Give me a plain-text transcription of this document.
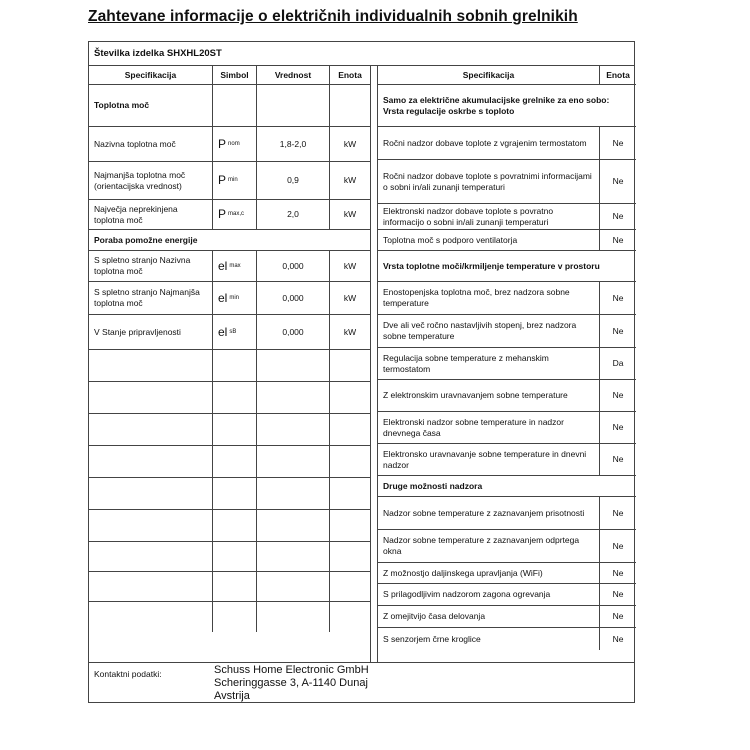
Zahtevane informacije o električnih individualnih sobnih grelnikih
Številka izdelka SHXHL20ST
Specifikacija	Simbol	Vrednost	Enota
Toplotna moč
Nazivna toplotna moč	P nom	1,8-2,0	kW
Najmanjša toplotna moč (orientacijska vrednost)	P min	0,9	kW
Največja neprekinjena toplotna moč	P max,c	2,0	kW
Poraba pomožne energije
S spletno stranjo Nazivna toplotna moč	el max	0,000	kW
S spletno stranjo Najmanjša toplotna moč	el min	0,000	kW
V Stanje pripravljenosti	el sB	0,000	kW
Specifikacija	Enota
Samo za električne akumulacijske grelnike za eno sobo: Vrsta regulacije oskrbe s toploto
Ročni nadzor dobave toplote z vgrajenim termostatom	Ne
Ročni nadzor dobave toplote s povratnimi informacijami o sobni in/ali zunanji temperaturi
Ne
Elektronski nadzor dobave toplote s povratno informacijo o sobni in/ali zunanji temperaturi
Ne
Toplotna moč s podporo ventilatorja	Ne
Vrsta toplotne moči/krmiljenje temperature v prostoru
Enostopenjska toplotna moč, brez nadzora sobne temperature
Ne
Dve ali več ročno nastavljivih stopenj, brez nadzora sobne temperature
Ne
Regulacija sobne temperature z mehanskim termostatom
Da
Z elektronskim uravnavanjem sobne temperature	Ne
Elektronski nadzor sobne temperature in nadzor dnevnega časa
Ne
Elektronsko uravnavanje sobne temperature in dnevni nadzor
Ne
Druge možnosti nadzora
Nadzor sobne temperature z zaznavanjem prisotnosti	Ne
Nadzor sobne temperature z zaznavanjem odprtega okna
Ne
Z možnostjo daljinskega upravljanja (WiFi)	Ne
S prilagodljivim nadzorom zagona ogrevanja	Ne
Z omejitvijo časa delovanja	Ne
S senzorjem črne kroglice	Ne
Kontaktni podatki:	Schuss Home Electronic GmbH
Scheringgasse 3, A-1140 Dunaj
Avstrija
